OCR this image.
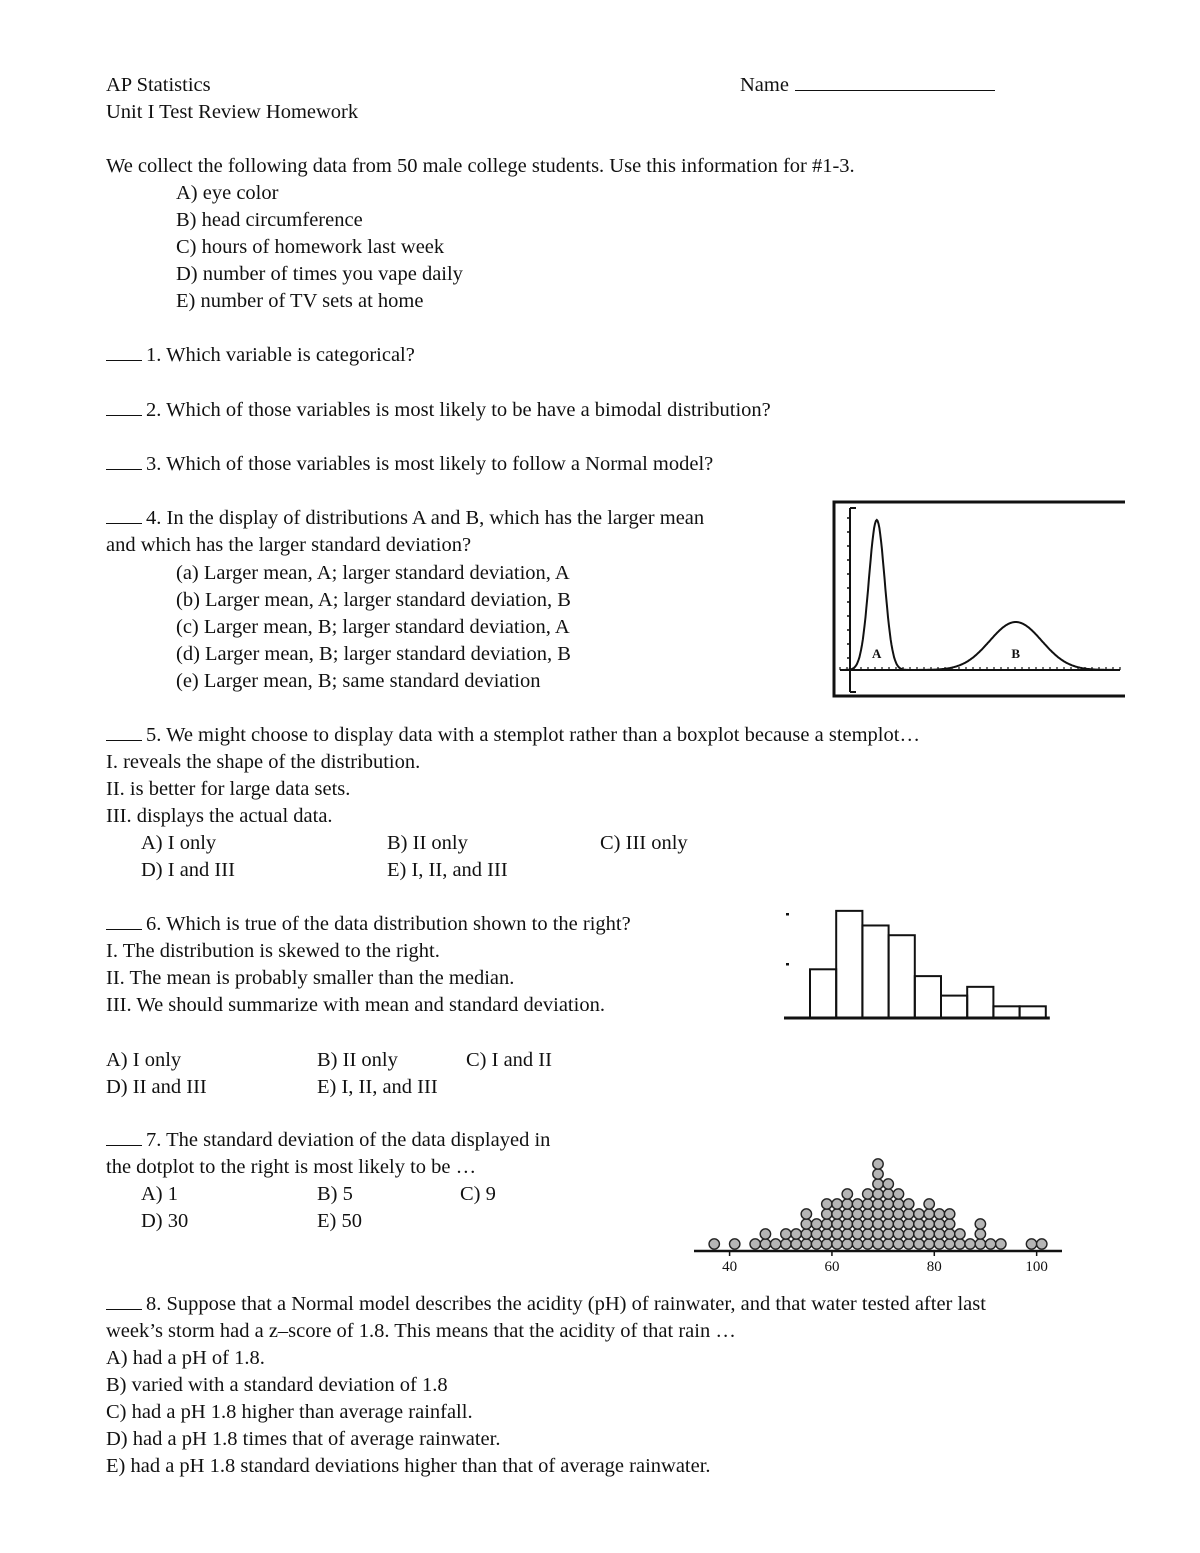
AP Statistics
Unit I Test Review Homework
Name
We collect the following data from 50 male college students. Use this information for #1-3.
A) eye color
B) head circumference
C) hours of homework last week
D) number of times you vape daily
E) number of TV sets at home
1. Which variable is categorical?
2. Which of those variables is most likely to be have a bimodal distribution?
3. Which of those variables is most likely to follow a Normal model?
4. In the display of distributions A and B, which has the larger mean
and which has the larger standard deviation?
(a) Larger mean, A; larger standard deviation, A
(b) Larger mean, A; larger standard deviation, B
(c) Larger mean, B; larger standard deviation, A
(d) Larger mean, B; larger standard deviation, B
(e) Larger mean, B; same standard deviation
A	B
5. We might choose to display data with a stemplot rather than a boxplot because a stemplot…
I. reveals the shape of the distribution.
II. is better for large data sets.
III. displays the actual data.
A) I only	B) II only	C) III only
D) I and III	E) I, II, and III
6. Which is true of the data distribution shown to the right?
I. The distribution is skewed to the right.
II. The mean is probably smaller than the median.
III. We should summarize with mean and standard deviation.
A) I only	B) II only	C) I and II
D) II and III	E) I, II, and III
7. The standard deviation of the data displayed in
the dotplot to the right is most likely to be …
A) 1	B) 5	C) 9
D) 30	E) 50
40	60	80	100
8. Suppose that a Normal model describes the acidity (pH) of rainwater, and that water tested after last
week’s storm had a z–score of 1.8. This means that the acidity of that rain …
A) had a pH of 1.8.
B) varied with a standard deviation of 1.8
C) had a pH 1.8 higher than average rainfall.
D) had a pH 1.8 times that of average rainwater.
E) had a pH 1.8 standard deviations higher than that of average rainwater.
